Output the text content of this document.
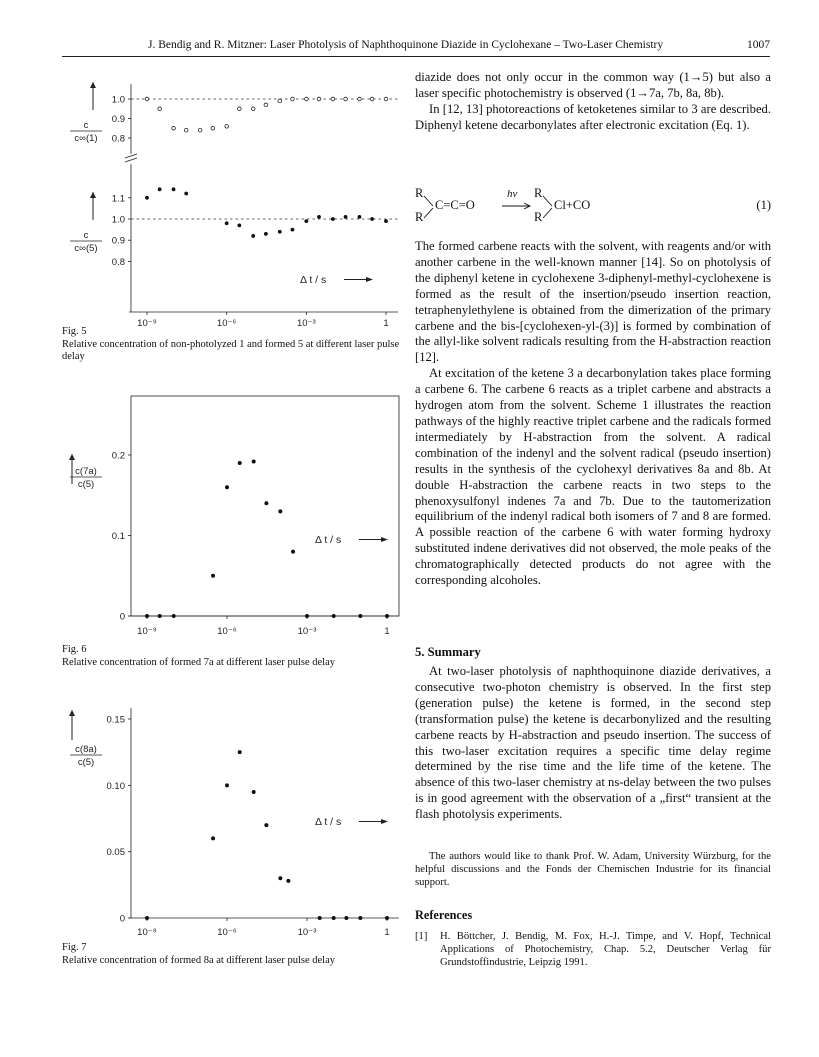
J. Bendig and R. Mitzner: Laser Photolysis of Naphthoquinone Diazide in Cyclohexane – Two-Laser Chemistry	1007
1.0
0.9
0.8
1.1
1.0
0.9
0.8
10⁻⁹	10⁻⁶	10⁻³	1
c
c∞(1)
c
c∞(5)
Δ t / s
Fig. 5
Relative concentration of non-photolyzed 1 and formed 5 at different laser pulse delay
0.2
0.1
0
10⁻⁹	10⁻⁶	10⁻³	1
c(7a)
c(5)
Δ t / s
Fig. 6
Relative concentration of formed 7a at different laser pulse delay
0.15
0.10
0.05
0
10⁻⁹	10⁻⁶	10⁻³	1
c(8a)
c(5)
Δ t / s
Fig. 7
Relative concentration of formed 8a at different laser pulse delay

diazide does not only occur in the common way (1→5) but also a laser specific photochemistry is observed (1→7a, 7b, 8a, 8b).

In [12, 13] photoreactions of ketoketenes similar to 3 are described. Diphenyl ketene decarbonylates after electronic excitation (Eq. 1).

R
R
C=C=O
hν R
R
Cl+CO	(1)

The formed carbene reacts with the solvent, with reagents and/or with another carbene in the well-known manner [14]. So on photolysis of the diphenyl ketene in cyclohexene 3-diphenyl-methyl-cyclohexene is formed as the result of the insertion/pseudo insertion reaction, tetraphenylethylene is obtained from the dimerization of the primary carbene and the bis-[cyclohexen-yl-(3)] is formed by combination of the allyl-like solvent radicals resulting from the H-abstraction reaction [12].

At excitation of the ketene 3 a decarbonylation takes place forming a carbene 6. The carbene 6 reacts as a triplet carbene and abstracts a hydrogen atom from the solvent. Scheme 1 illustrates the reaction pathways of the highly reactive triplet carbene and the radicals formed intermediately by H-abstraction from the solvent. A radical combination of the indenyl and the solvent radical (pseudo insertion) results in the synthesis of the cyclohexyl derivatives 8a and 8b. At double H-abstraction the carbene reacts in two steps to the phenoxysulfonyl indenes 7a and 7b. Due to the tautomerization equilibrium of the indenyl radical both isomers of 7 and 8 are formed. A possible reaction of the carbene 6 with water forming hydroxy substituted indene derivatives did not observed, the mole peaks of the chromatographically detected products do not agree with the corresponding alcoholes.

5. Summary

At two-laser photolysis of naphthoquinone diazide derivatives, a consecutive two-photon chemistry is observed. In the first step (generation pulse) the ketene is formed, in the second step (transformation pulse) the ketene is decarbonylized and the resulting carbene reacts by H-abstraction and pseudo insertion. The success of this two-laser excitation requires a specific time delay regime determined by the rise time and the life time of the ketene. The absence of this two-laser chemistry at ns-delay between the two pulses is in good agreement with the observation of a „first“ transient at the flash photolysis experiments.

The authors would like to thank Prof. W. Adam, University Würzburg, for the helpful discussions and the Fonds der Chemischen Industrie for its financial support.
References
[1] H. Böttcher, J. Bendig, M. Fox, H.-J. Timpe, and V. Hopf, Technical Applications of Photochemistry, Chap. 5.2, Deutscher Verlag für Grundstoffindustrie, Leipzig 1991.
